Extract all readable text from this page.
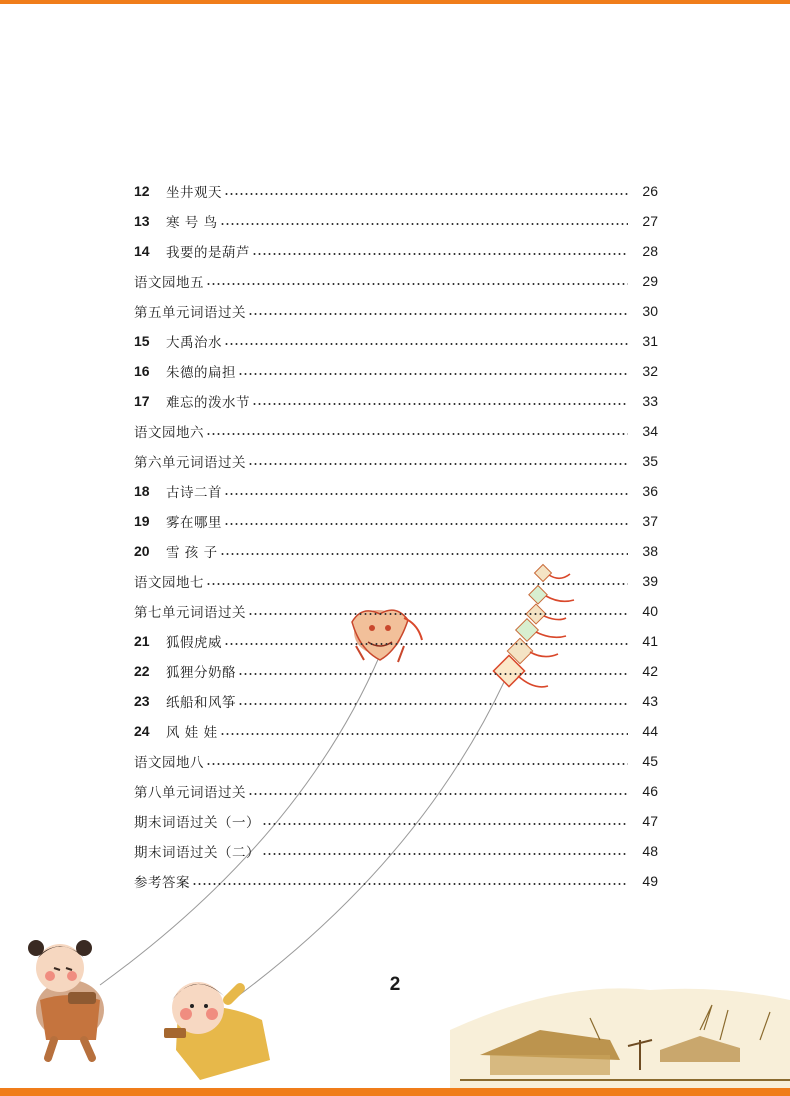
12	坐井观天	26
13	寒 号 鸟	27
14	我要的是葫芦	28
语文园地五	29
第五单元词语过关	30
15	大禹治水	31
16	朱德的扁担	32
17	难忘的泼水节	33
语文园地六	34
第六单元词语过关	35
18	古诗二首	36
19	雾在哪里	37
20	雪 孩 子	38
语文园地七	39
第七单元词语过关	40
21	狐假虎威	41
22	狐狸分奶酪	42
23	纸船和风筝	43
24	风 娃 娃	44
语文园地八	45
第八单元词语过关	46
期末词语过关（一）	47
期末词语过关（二）	48
参考答案	49
2
